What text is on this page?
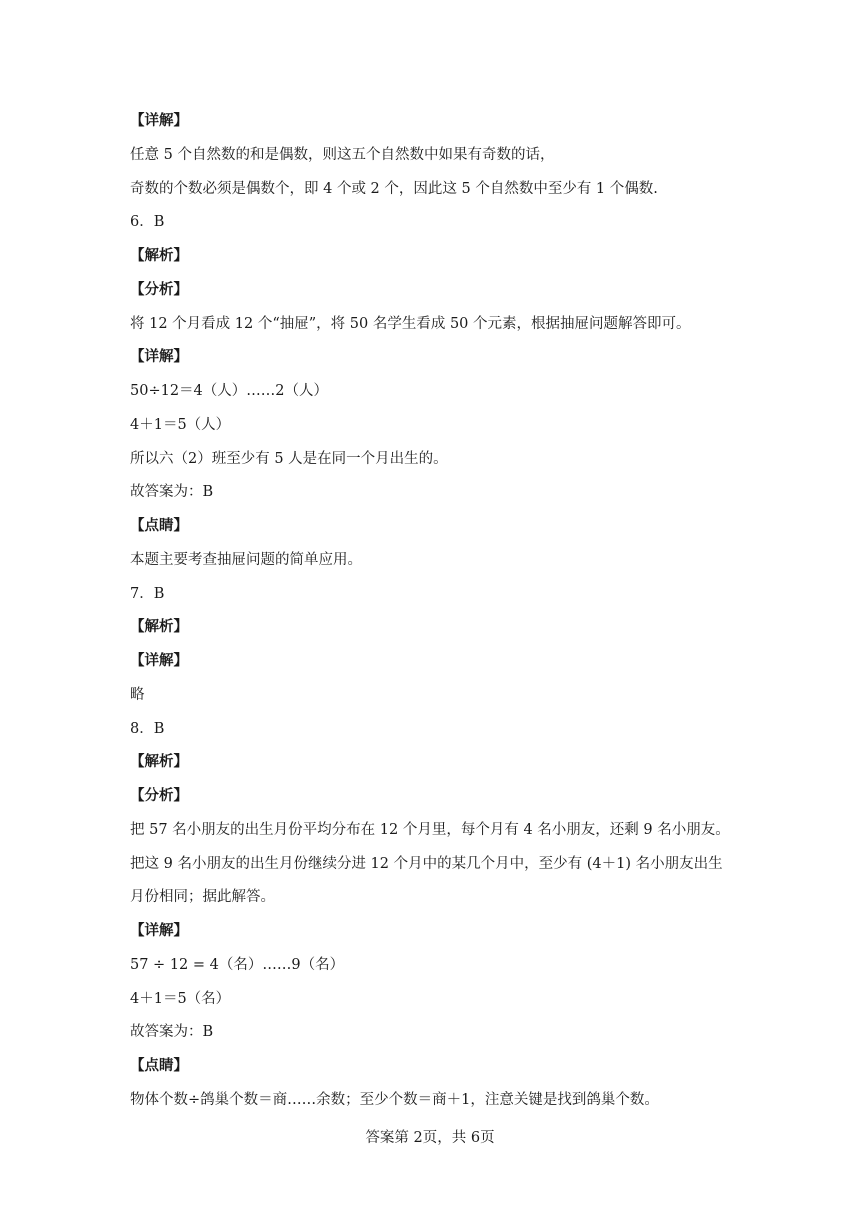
【详解】
任意 5 个自然数的和是偶数，则这五个自然数中如果有奇数的话，
奇数的个数必须是偶数个，即 4 个或 2 个，因此这 5 个自然数中至少有 1 个偶数.
6．B
【解析】
【分析】
将 12 个月看成 12 个“抽屉”，将 50 名学生看成 50 个元素，根据抽屉问题解答即可。
【详解】
50÷12＝4（人）……2（人）
4＋1＝5（人）
所以六（2）班至少有 5 人是在同一个月出生的。
故答案为：B
【点睛】
本题主要考查抽屉问题的简单应用。
7．B
【解析】
【详解】
略
8．B
【解析】
【分析】
把 57 名小朋友的出生月份平均分布在 12 个月里，每个月有 4 名小朋友，还剩 9 名小朋友。
把这 9 名小朋友的出生月份继续分进 12 个月中的某几个月中，至少有 (4＋1) 名小朋友出生
月份相同；据此解答。
【详解】
57 ÷ 12 = 4（名）……9（名）
4＋1＝5（名）
故答案为：B
【点睛】
物体个数÷鸽巢个数＝商……余数；至少个数＝商＋1，注意关键是找到鸽巢个数。
答案第 2页，共 6页
